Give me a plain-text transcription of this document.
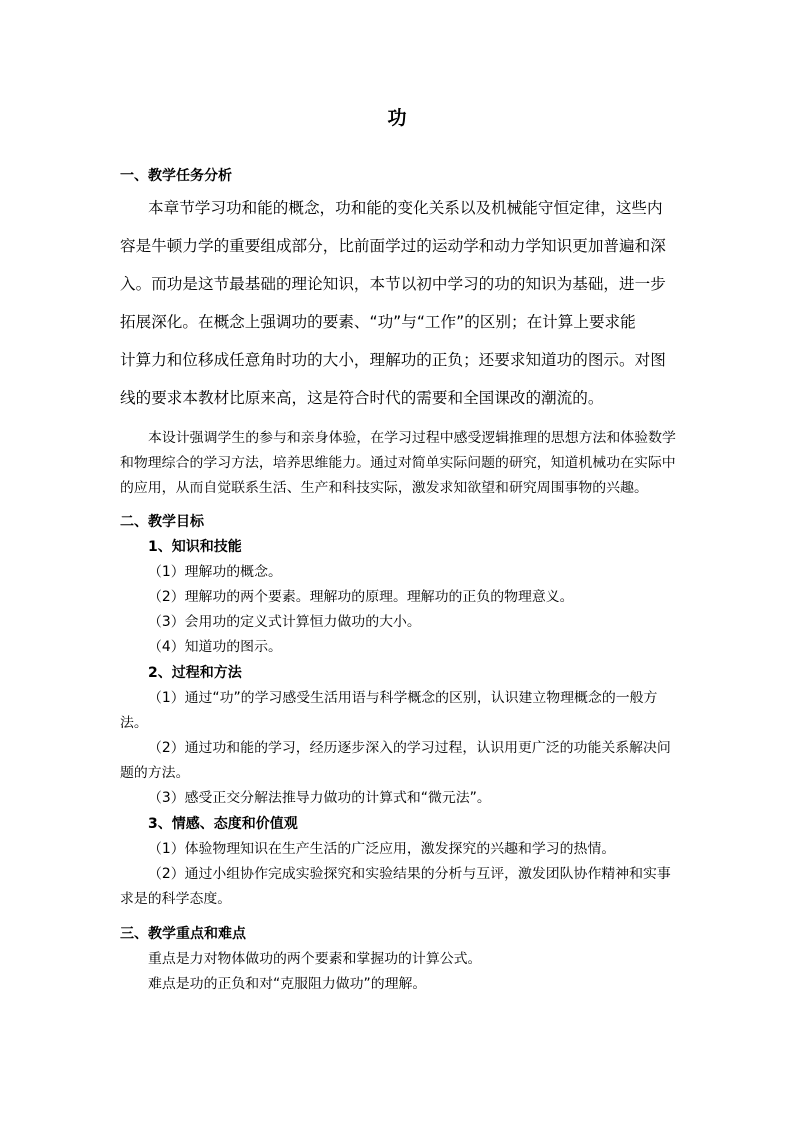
功
一、教学任务分析
本章节学习功和能的概念，功和能的变化关系以及机械能守恒定律，这些内
容是牛顿力学的重要组成部分，比前面学过的运动学和动力学知识更加普遍和深
入。而功是这节最基础的理论知识，本节以初中学习的功的知识为基础，进一步
拓展深化。在概念上强调功的要素、“功”与“工作”的区别；在计算上要求能
计算力和位移成任意角时功的大小，理解功的正负；还要求知道功的图示。对图
线的要求本教材比原来高，这是符合时代的需要和全国课改的潮流的。
本设计强调学生的参与和亲身体验，在学习过程中感受逻辑推理的思想方法和体验数学
和物理综合的学习方法，培养思维能力。通过对简单实际问题的研究，知道机械功在实际中
的应用，从而自觉联系生活、生产和科技实际，激发求知欲望和研究周围事物的兴趣。
二、教学目标
1、知识和技能
（1）理解功的概念。
（2）理解功的两个要素。理解功的原理。理解功的正负的物理意义。
（3）会用功的定义式计算恒力做功的大小。
（4）知道功的图示。
2、过程和方法
（1）通过“功”的学习感受生活用语与科学概念的区别，认识建立物理概念的一般方
法。
（2）通过功和能的学习，经历逐步深入的学习过程，认识用更广泛的功能关系解决问
题的方法。
（3）感受正交分解法推导力做功的计算式和“微元法”。
3、情感、态度和价值观
（1）体验物理知识在生产生活的广泛应用，激发探究的兴趣和学习的热情。
（2）通过小组协作完成实验探究和实验结果的分析与互评，激发团队协作精神和实事
求是的科学态度。
三、教学重点和难点
重点是力对物体做功的两个要素和掌握功的计算公式。
难点是功的正负和对“克服阻力做功”的理解。
